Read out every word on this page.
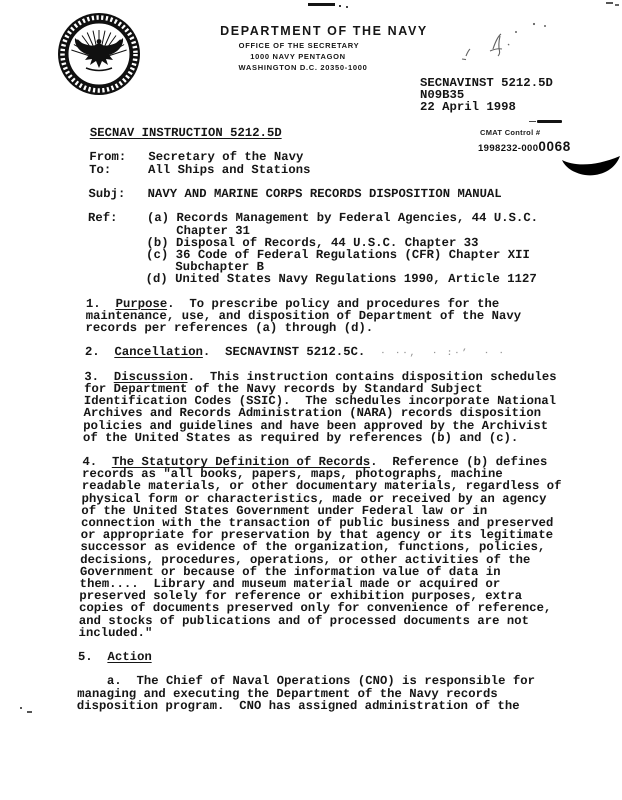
DEPARTMENT OF THE NAVY
OFFICE OF THE SECRETARY
1000 NAVY PENTAGON
WASHINGTON D.C. 20350-1000
SECNAVINST 5212.5D
N09B35
22 April 1998
CMAT Control #
1998232-0000068
SECNAV INSTRUCTION 5212.5D

From:   Secretary of the Navy
To:     All Ships and Stations

Subj:   NAVY AND MARINE CORPS RECORDS DISPOSITION MANUAL

Ref:    (a) Records Management by Federal Agencies, 44 U.S.C.
Chapter 31
(b) Disposal of Records, 44 U.S.C. Chapter 33
(c) 36 Code of Federal Regulations (CFR) Chapter XII
Subchapter B
(d) United States Navy Regulations 1990, Article 1127

1.  Purpose.  To prescribe policy and procedures for the
maintenance, use, and disposition of Department of the Navy
records per references (a) through (d).

2.  Cancellation.  SECNAVINST 5212.5C.  · ··,  · :·’  · ·

3.  Discussion.  This instruction contains disposition schedules
for Department of the Navy records by Standard Subject
Identification Codes (SSIC).  The schedules incorporate National
Archives and Records Administration (NARA) records disposition
policies and guidelines and have been approved by the Archivist
of the United States as required by references (b) and (c).

4.  The Statutory Definition of Records.  Reference (b) defines
records as "all books, papers, maps, photographs, machine
readable materials, or other documentary materials, regardless of
physical form or characteristics, made or received by an agency
of the United States Government under Federal law or in
connection with the transaction of public business and preserved
or appropriate for preservation by that agency or its legitimate
successor as evidence of the organization, functions, policies,
decisions, procedures, operations, or other activities of the
Government or because of the information value of data in
them....  Library and museum material made or acquired or
preserved solely for reference or exhibition purposes, extra
copies of documents preserved only for convenience of reference,
and stocks of publications and of processed documents are not
included."

5.  Action

a.  The Chief of Naval Operations (CNO) is responsible for
managing and executing the Department of the Navy records
disposition program.  CNO has assigned administration of the
